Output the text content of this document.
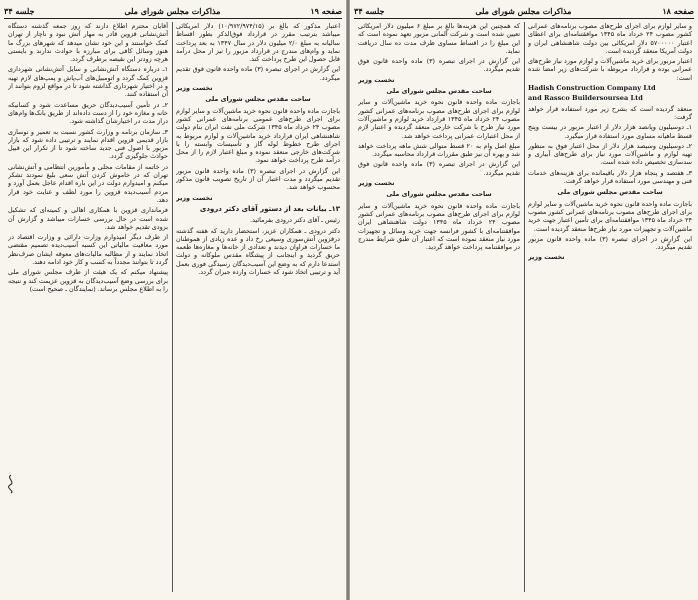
صفحه ۱۹
مذاکرات مجلس شورای ملی
جلسه ۳۴

اعتبار مذکور که بالغ بر (۱۰/۹۷۲/۹۷۴/۱۵) دلار امریکائی میباشد بترتیب مقرر در قرارداد فوق‌الذکر بطور اقساط سالیانه به مبلغ ۲/۰ میلیون دلار در سال ۱۳۴۷ به بعد پرداخت نماید و وام‌های مندرج در قرارداد مزبور را نیز از محل درآمد قابل حصول این طرح پرداخت کند.

این گزارش در اجرای تبصره (۳) ماده واحده قانون فوق تقدیم میگردد.

نخست وزیر

ساحت مقدس مجلس شورای ملی

باجازت ماده واحده قانون نحوه خرید ماشین‌آلات و سایر لوازم برای اجرای طرح‌های عمومی برنامه‌های عمرانی کشور مصوب ۲۴ خرداد ماه ۱۳۴۵ شرکت ملی نفت ایران بنام دولت شاهنشاهی ایران قرارداد خرید ماشین‌آلات و لوازم مربوط به اجرای طرح خطوط لوله گاز و تأسیسات وابسته را با شرکت‌های خارجی منعقد نموده و مبلغ اعتبار لازم را از محل درآمد طرح پرداخت خواهد نمود.

این گزارش در اجرای تبصره (۳) ماده واحده قانون مزبور تقدیم میگردد و مدت اعتبار آن از تاریخ تصویب قانون مذکور محسوب خواهد شد.

نخست وزیر

۱۳ـ بیانات بعد از دستور آقای دکتر درودی

رئیس ـ آقای دکتر درودی بفرمائید.

دکتر درودی ـ همکاران عزیز، استحضار دارید که هفته گذشته درقزوین آتش‌سوزی وسیعی رخ داد و عده زیادی از هموطنان ما خسارات فراوان دیدند و تعدادی از خانه‌ها و مغازه‌ها طعمه حریق گردید و اینجانب از پیشگاه مقدس ملوکانه و دولت استدعا دارم که به وضع این آسیب‌دیدگان رسیدگی فوری بعمل آید و ترتیبی اتخاذ شود که خسارات وارده جبران گردد.

آقایان محترم اطلاع دارند که روز جمعه گذشته دستگاه آتش‌نشانی قزوین قادر به مهار آتش نبود و ناچار از تهران کمک خواستند و این خود نشان میدهد که شهرهای بزرگ ما هنوز وسائل کافی برای مبارزه با حوادث ندارند و بایستی هرچه زودتر این نقیصه برطرف گردد.

۱ـ درباره دستگاه آتش‌نشانی و سایل آتش‌نشانی شهرداری قزوین کمک گردد و اتومبیل‌های آب‌پاش و پمپ‌های لازم تهیه و در اختیار شهرداری گذاشته شود تا در مواقع لزوم بتوانند از آن استفاده کنند.

۲ـ در تأمین آسیب‌دیدگان حریق مساعدت شود و کسانیکه خانه و مغازه خود را از دست داده‌اند از طریق بانک‌ها وام‌های دراز مدت در اختیارشان گذاشته شود.

۳ـ سازمان برنامه و وزارت کشور نسبت به تعمیر و نوسازی بازار قدیمی قزوین اقدام نمایند و ترتیبی داده شود که بازار مزبور با اصول فنی جدید ساخته شود تا از تکرار این قبیل حوادث جلوگیری گردد.

در خاتمه از مقامات محلی و مأمورین انتظامی و آتش‌نشانی تهران که در خاموش کردن آتش سعی بلیغ نمودند تشکر میکنم و امیدوارم دولت در این باره اقدام عاجل بعمل آورد و مردم آسیب‌دیده قزوین را مورد لطف و عنایت خود قرار دهد.

فرمانداری قزوین با همکاری اهالی و کمیته‌ای که تشکیل شده است در حال بررسی خسارات میباشد و گزارش آن بزودی تقدیم خواهد شد.

از طرف دیگر امیدوارم وزارت دارائی و وزارت اقتصاد در مورد معافیت مالیاتی این کسبه آسیب‌دیده تصمیم مقتضی اتخاذ نمایند و از مطالبه مالیات‌های معوقه ایشان صرف‌نظر گردد تا بتوانند مجدداً به کسب و کار خود ادامه دهند.

پیشنهاد میکنم که یک هیئت از طرف مجلس شورای ملی برای بررسی وضع آسیب‌دیدگان به قزوین عزیمت کند و نتیجه را به اطلاع مجلس برساند. (نمایندگان ـ صحیح است)

صفحه ۱۸
مذاکرات مجلس شورای ملی
جلسه ۳۴

و سایر لوازم برای اجرای طرح‌های مصوب برنامه‌های عمرانی کشور مصوب ۲۴ خرداد ماه ۱۳۴۵ موافقتنامه‌ای برای اعطای اعتبار ۵۷۰۰۰۰۰ دلار امریکائی بین دولت شاهنشاهی ایران و دولت آمریکا منعقد گردیده است.

اعتبار مزبور برای خرید ماشین‌آلات و لوازم مورد نیاز طرح‌های عمرانی بوده و قرارداد مربوطه با شرکت‌های زیر امضا شده است:

Hadish Construction Company Ltd

and Rassco Buildersoursea Ltd

منعقد گردیده است که بشرح زیر مورد استفاده قرار خواهد گرفت:

۱ـ دوسیلیون وپانصد هزار دلار از اعتبار مزبور در بیست وپنج قسط ماهیانه مساوی مورد استفاده قرار میگیرد.

۲ـ دوسیلیون وسیصد هزار دلار از محل اعتبار فوق به منظور تهیه لوازم و ماشین‌آلات مورد نیاز برای طرح‌های آبیاری و سدسازی تخصیص داده شده است.

۳ـ هفتصد و پنجاه هزار دلار باقیمانده برای هزینه‌های خدمات فنی و مهندسی مورد استفاده قرار خواهد گرفت.

ساحت مقدس مجلس شورای ملی

باجازت ماده واحده قانون نحوه خرید ماشین‌آلات و سایر لوازم برای اجرای طرح‌های مصوب برنامه‌های عمرانی کشور مصوب ۲۴ خرداد ماه ۱۳۴۵ موافقتنامه‌ای برای تأمین اعتبار جهت خرید ماشین‌آلات و تجهیزات مورد نیاز طرح‌ها منعقد گردیده است.

این گزارش در اجرای تبصره (۳) ماده واحده قانون مزبور تقدیم میگردد.

نخست وزیر

که همچنین این هزینه‌ها بالغ بر مبلغ ۶ میلیون دلار امریکائی تعیین شده است و شرکت آلمانی مزبور تعهد نموده است که این مبلغ را در اقساط مساوی ظرف مدت ده سال دریافت نماید.

این گزارش در اجرای تبصره (۳) ماده واحده قانون فوق تقدیم میگردد.

نخست وزیر

ساحت مقدس مجلس شورای ملی

باجازت ماده واحده قانون نحوه خرید ماشین‌آلات و سایر لوازم برای اجرای طرح‌های مصوب برنامه‌های عمرانی کشور مصوب ۲۴ خرداد ماه ۱۳۴۵ قرارداد خرید لوازم و ماشین‌آلات مورد نیاز طرح با شرکت خارجی منعقد گردیده و اعتبار لازم از محل اعتبارات عمرانی پرداخت خواهد شد.

مبلغ اصل وام به ۲۰ قسط متوالی شش ماهه پرداخت خواهد شد و بهره آن نیز طبق مقررات قرارداد محاسبه میگردد.

این گزارش در اجرای تبصره (۳) ماده واحده قانون فوق تقدیم میگردد.

نخست وزیر

ساحت مقدس مجلس شورای ملی

باجازت ماده واحده قانون نحوه خرید ماشین‌آلات و سایر لوازم برای اجرای طرح‌های مصوب برنامه‌های عمرانی کشور مصوب ۲۴ خرداد ماه ۱۳۴۵ دولت شاهنشاهی ایران موافقتنامه‌ای با کشور فرانسه جهت خرید وسائل و تجهیزات مورد نیاز منعقد نموده است که اعتبار آن طبق شرایط مندرج در موافقتنامه پرداخت خواهد گردید.
